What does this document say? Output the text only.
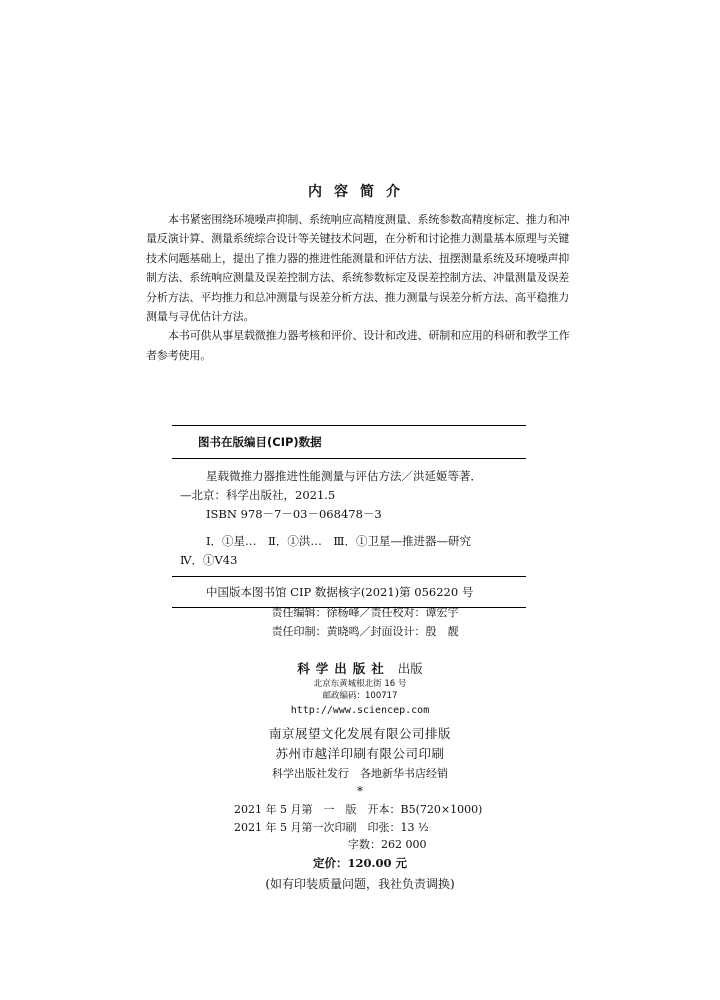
内容简介

本书紧密围绕环境噪声抑制、系统响应高精度测量、系统参数高精度标定、推力和冲量反演计算、测量系统综合设计等关键技术问题，在分析和讨论推力测量基本原理与关键技术问题基础上，提出了推力器的推进性能测量和评估方法、扭摆测量系统及环境噪声抑制方法、系统响应测量及误差控制方法、系统参数标定及误差控制方法、冲量测量及误差分析方法、平均推力和总冲测量与误差分析方法、推力测量与误差分析方法、高平稳推力测量与寻优估计方法。

本书可供从事星载微推力器考核和评价、设计和改进、研制和应用的科研和教学工作者参考使用。

图书在版编目(CIP)数据
星载微推力器推进性能测量与评估方法／洪延姬等著．
—北京：科学出版社，2021.5
ISBN 978－7－03－068478－3
Ⅰ．①星…　Ⅱ．①洪…　Ⅲ．①卫星—推进器—研究
Ⅳ．①V43
中国版本图书馆 CIP 数据核字(2021)第 056220 号
责任编辑：徐杨峰／责任校对：谭宏宇
责任印制：黄晓鸣／封面设计：殷　靓
科学出版社 出版
北京东黄城根北街 16 号
邮政编码：100717
http://www.sciencep.com
南京展望文化发展有限公司排版
苏州市越洋印刷有限公司印刷
科学出版社发行　各地新华书店经销
*
2021 年 5 月第　一　版　开本：B5(720×1000)
2021 年 5 月第一次印刷　印张：13 ½
字数：262 000
定价：120.00 元
(如有印装质量问题，我社负责调换)
